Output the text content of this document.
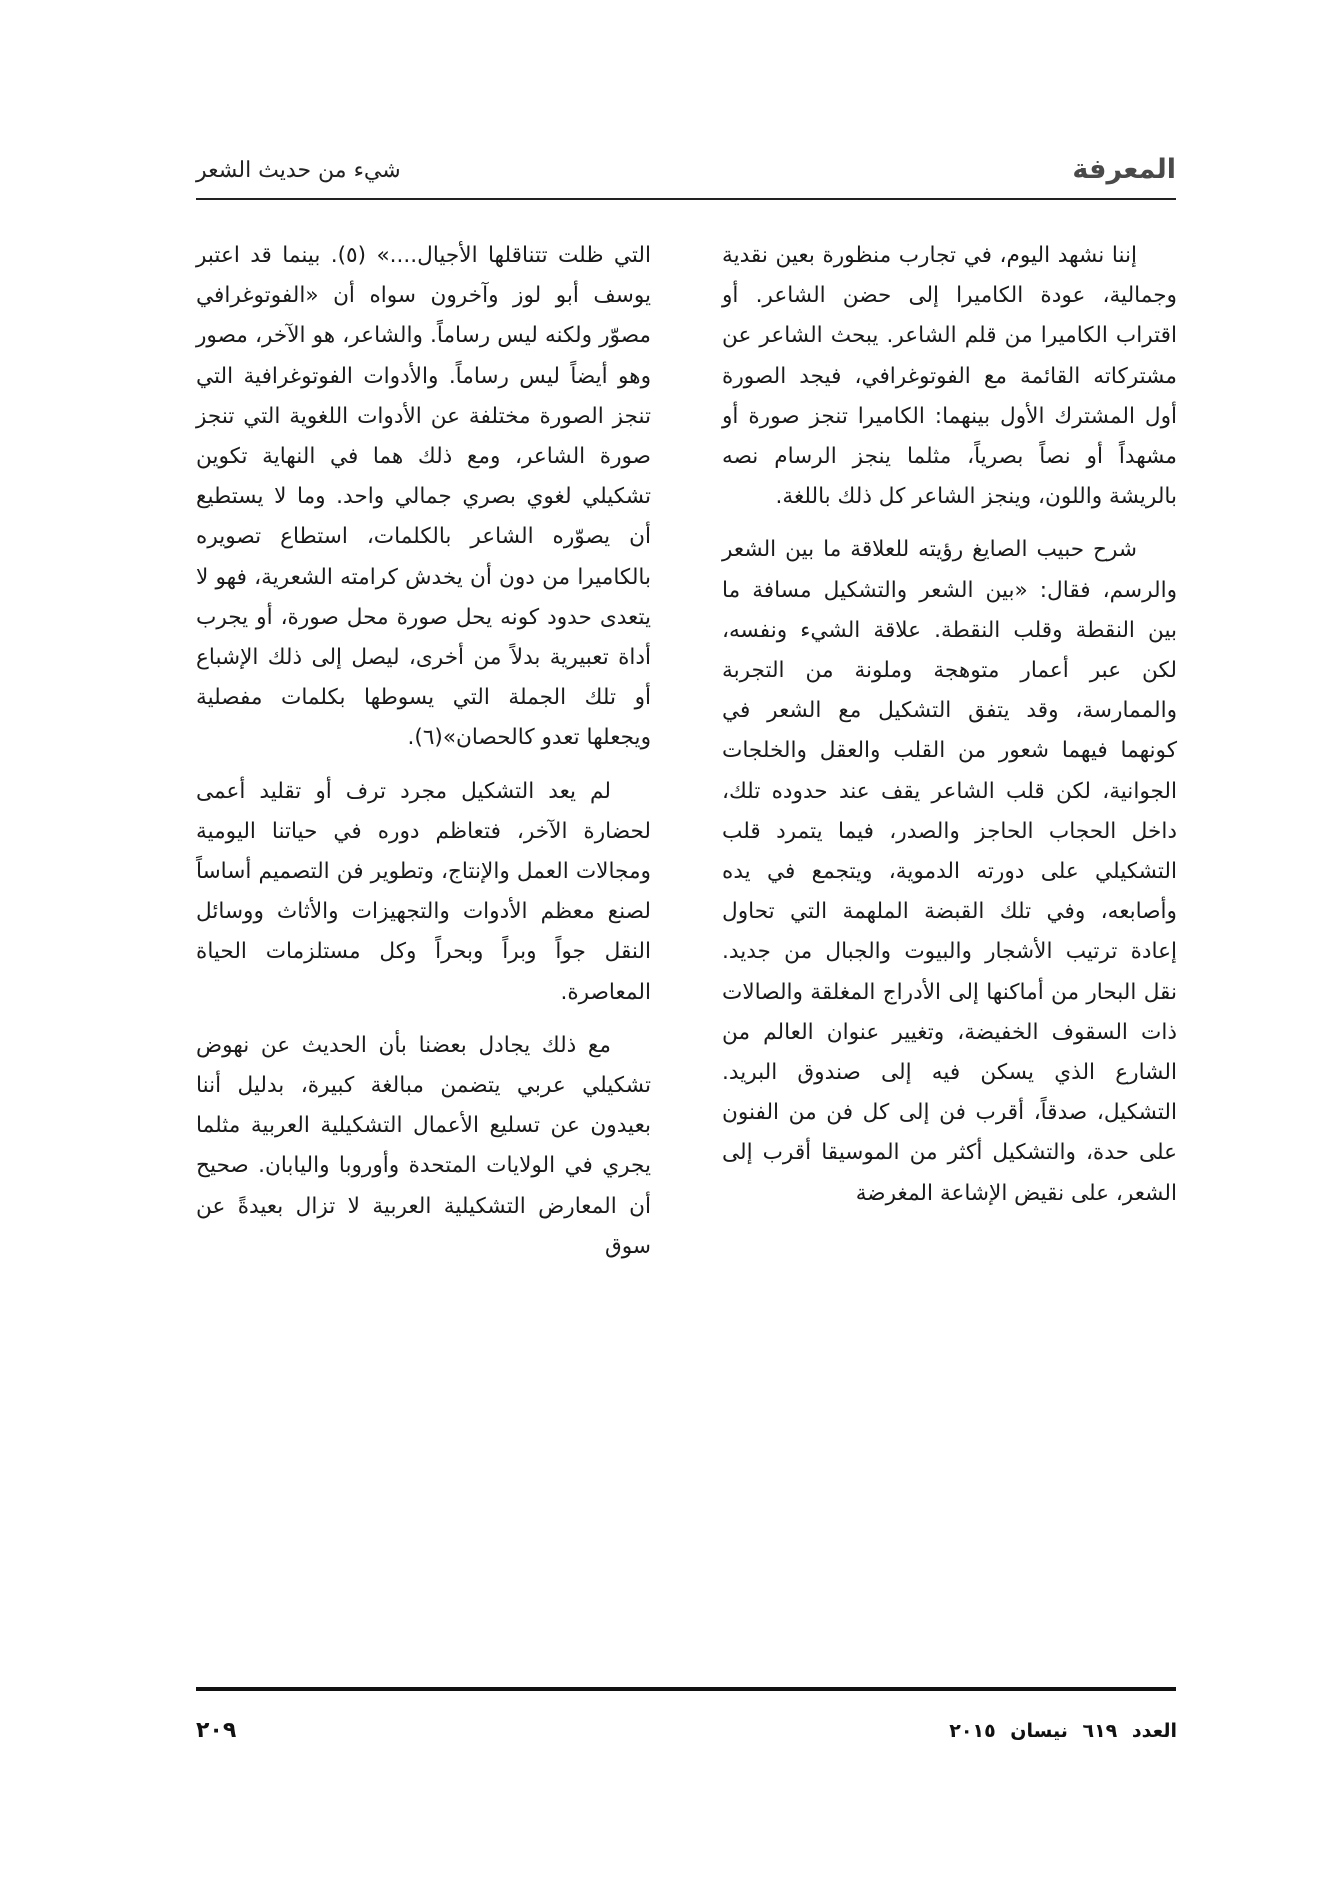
المعرفة
شيء من حديث الشعر

إننا نشهد اليوم، في تجارب منظورة بعين نقدية وجمالية، عودة الكاميرا إلى حضن الشاعر. أو اقتراب الكاميرا من قلم الشاعر. يبحث الشاعر عن مشتركاته القائمة مع الفوتوغرافي، فيجد الصورة أول المشترك الأول بينهما: الكاميرا تنجز صورة أو مشهداً أو نصاً بصرياً، مثلما ينجز الرسام نصه بالريشة واللون، وينجز الشاعر كل ذلك باللغة.

شرح حبيب الصايغ رؤيته للعلاقة ما بين الشعر والرسم، فقال: «بين الشعر والتشكيل مسافة ما بين النقطة وقلب النقطة. علاقة الشيء ونفسه، لكن عبر أعمار متوهجة وملونة من التجربة والممارسة، وقد يتفق التشكيل مع الشعر في كونهما فيهما شعور من القلب والعقل والخلجات الجوانية، لكن قلب الشاعر يقف عند حدوده تلك، داخل الحجاب الحاجز والصدر، فيما يتمرد قلب التشكيلي على دورته الدموية، ويتجمع في يده وأصابعه، وفي تلك القبضة الملهمة التي تحاول إعادة ترتيب الأشجار والبيوت والجبال من جديد. نقل البحار من أماكنها إلى الأدراج المغلقة والصالات ذات السقوف الخفيضة، وتغيير عنوان العالم من الشارع الذي يسكن فيه إلى صندوق البريد. التشكيل، صدقاً، أقرب فن إلى كل فن من الفنون على حدة، والتشكيل أكثر من الموسيقا أقرب إلى الشعر، على نقيض الإشاعة المغرضة

التي ظلت تتناقلها الأجيال....» (٥). بينما قد اعتبر يوسف أبو لوز وآخرون سواه أن «الفوتوغرافي مصوّر ولكنه ليس رساماً. والشاعر، هو الآخر، مصور وهو أيضاً ليس رساماً. والأدوات الفوتوغرافية التي تنجز الصورة مختلفة عن الأدوات اللغوية التي تنجز صورة الشاعر، ومع ذلك هما في النهاية تكوين تشكيلي لغوي بصري جمالي واحد. وما لا يستطيع أن يصوّره الشاعر بالكلمات، استطاع تصويره بالكاميرا من دون أن يخدش كرامته الشعرية، فهو لا يتعدى حدود كونه يحل صورة محل صورة، أو يجرب أداة تعبيرية بدلاً من أخرى، ليصل إلى ذلك الإشباع أو تلك الجملة التي يسوطها بكلمات مفصلية ويجعلها تعدو كالحصان»(٦).

لم يعد التشكيل مجرد ترف أو تقليد أعمى لحضارة الآخر، فتعاظم دوره في حياتنا اليومية ومجالات العمل والإنتاج، وتطوير فن التصميم أساساً لصنع معظم الأدوات والتجهيزات والأثاث ووسائل النقل جواً وبراً وبحراً وكل مستلزمات الحياة المعاصرة.

مع ذلك يجادل بعضنا بأن الحديث عن نهوض تشكيلي عربي يتضمن مبالغة كبيرة، بدليل أننا بعيدون عن تسليع الأعمال التشكيلية العربية مثلما يجري في الولايات المتحدة وأوروبا واليابان. صحيح أن المعارض التشكيلية العربية لا تزال بعيدةً عن سوق

العدد ٦١٩ نيسان ٢٠١٥
٢٠٩
